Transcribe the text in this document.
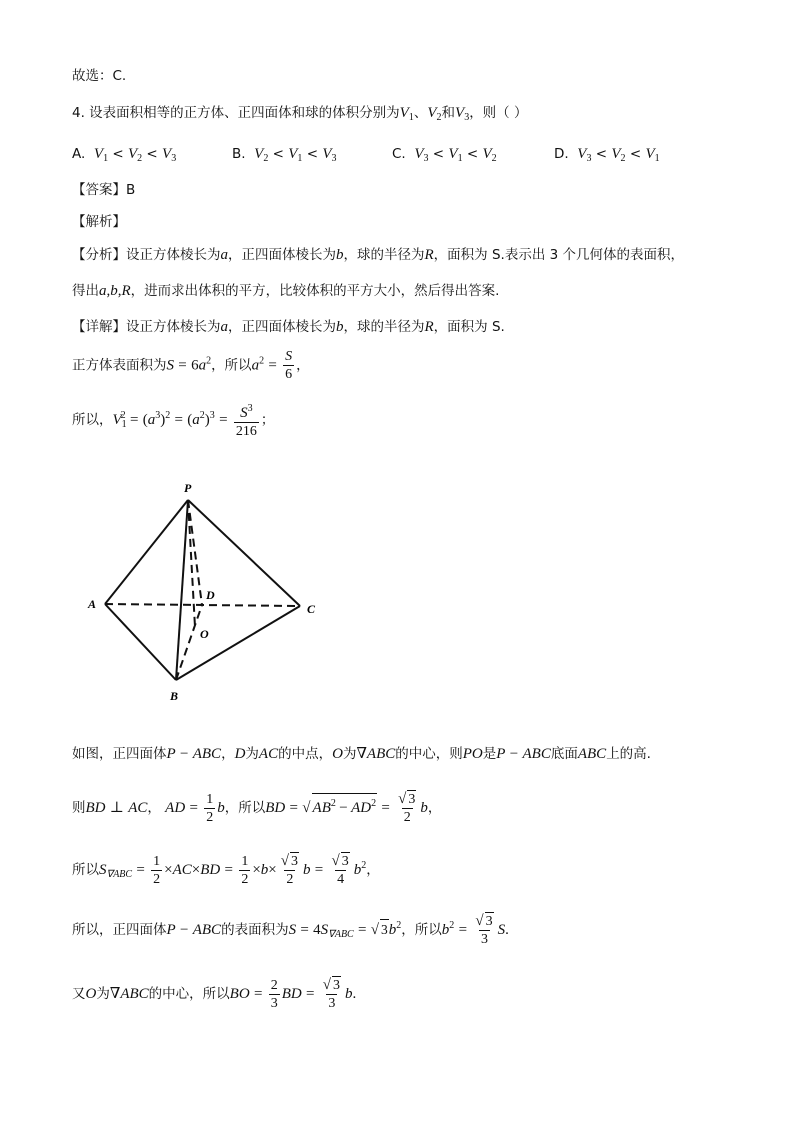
故选：C.
4. 设表面积相等的正方体、正四面体和球的体积分别为$V_1$、$V_2$和$V_3$，则（ ）
A. $V_1 < V_2 < V_3$	B. $V_2 < V_1 < V_3$	C. $V_3 < V_1 < V_2$	D. $V_3 < V_2 < V_1$
【答案】B
【解析】
【分析】设正方体棱长为a，正四面体棱长为b，球的半径为R，面积为 S.表示出 3 个几何体的表面积，
得出a,b,R，进而求出体积的平方，比较体积的平方大小，然后得出答案.
【详解】设正方体棱长为a，正四面体棱长为b，球的半径为R，面积为 S.
正方体表面积为$S = 6a^2$，所以$a^2 = \frac{S}{6}$ ，
所以，$V_1^2 = (a^3)^2 = (a^2)^3 = \frac{S^3}{216}$ ；
P
A
B
C
D
O
如图，正四面体P − ABC，D为AC的中点，O为∇ABC的中心，则PO是P − ABC底面ABC上的高.
则BD ⊥ AC， AD = $\frac{1}{2}$ b，所以BD = √ $AB^2 - AD^2 = \frac{√ 3}{2}$ b，
所以$S_{\nabla ABC} = \frac{1}{2} \times AC\times BD = \frac{1}{2} \times b\times \frac{√ 3}{2}$ $b = \frac{√ 3}{4} b^2$，
所以，正四面体P − ABC的表面积为$S = 4S_{\nabla ABC}$ = √ $3b^2$，所以$b^2 = \frac{√ 3}{3} S$.
又O为∇ABC的中心，所以BO = $\frac{2}{3}$ BD = $\frac{√ 3}{3} b$.
